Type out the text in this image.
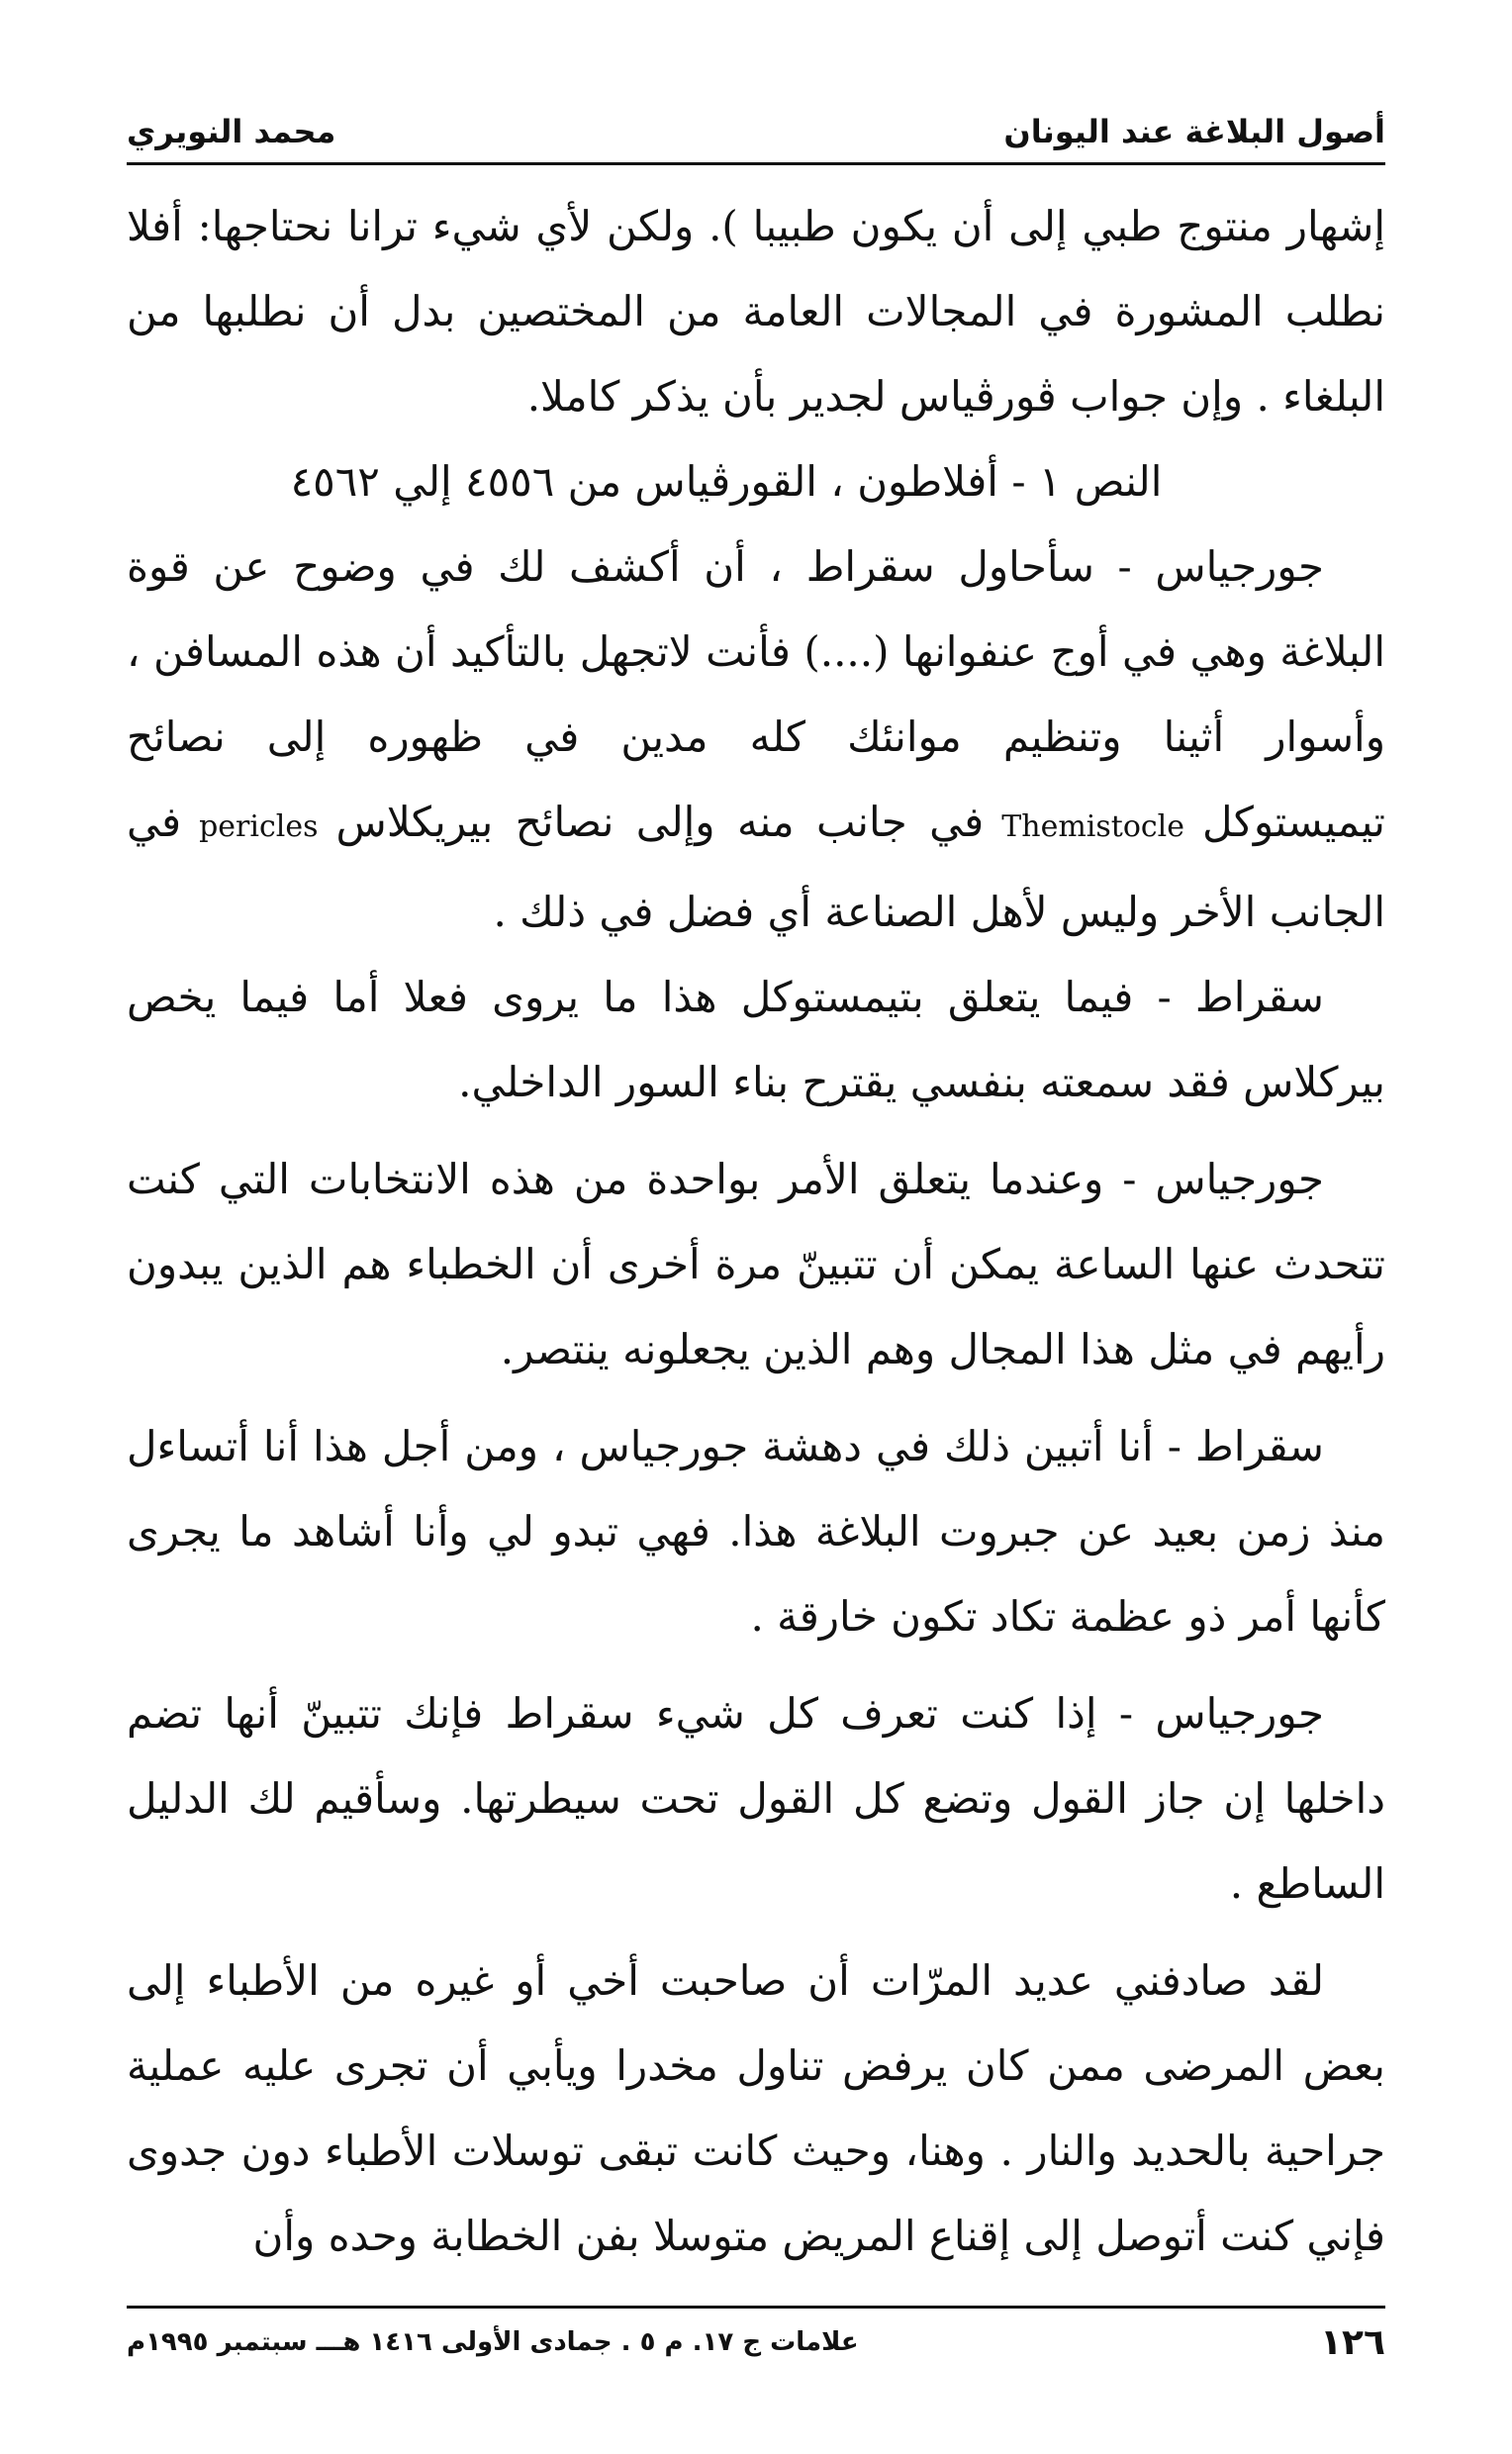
أصول البلاغة عند اليونان
محمد النويري

إشهار منتوج طبي إلى أن يكون طبيبا ). ولكن لأي شيء ترانا نحتاجها: أفلا نطلب المشورة في المجالات العامة من المختصين بدل أن نطلبها من البلغاء . وإن جواب ڤورڤياس لجدير بأن يذكر كاملا.

النص ١ - أفلاطون ، القورڤياس من ٤٥٥٦ إلي ٤٥٦٢

جورجياس - سأحاول سقراط ، أن أكشف لك في وضوح عن قوة البلاغة وهي في أوج عنفوانها (....) فأنت لاتجهل بالتأكيد أن هذه المسافن ، وأسوار أثينا وتنظيم موانئك كله مدين في ظهوره إلى نصائح تيميستوكلThemistocleفي جانب منه وإلى نصائح بيريكلاسpericlesفي الجانب الأخر وليس لأهل الصناعة أي فضل في ذلك .

سقراط - فيما يتعلق بتيمستوكل هذا ما يروى فعلا أما فيما يخص بيركلاس فقد سمعته بنفسي يقترح بناء السور الداخلي.

جورجياس - وعندما يتعلق الأمر بواحدة من هذه الانتخابات التي كنت تتحدث عنها الساعة يمكن أن تتبينّ مرة أخرى أن الخطباء هم الذين يبدون رأيهم في مثل هذا المجال وهم الذين يجعلونه ينتصر.

سقراط - أنا أتبين ذلك في دهشة جورجياس ، ومن أجل هذا أنا أتساءل منذ زمن بعيد عن جبروت البلاغة هذا. فهي تبدو لي وأنا أشاهد ما يجرى كأنها أمر ذو عظمة تكاد تكون خارقة .

جورجياس - إذا كنت تعرف كل شيء سقراط فإنك تتبينّ أنها تضم داخلها إن جاز القول وتضع كل القول تحت سيطرتها. وسأقيم لك الدليل الساطع .

لقد صادفني عديد المرّات أن صاحبت أخي أو غيره من الأطباء إلى بعض المرضى ممن كان يرفض تناول مخدرا ويأبي أن تجرى عليه عملية جراحية بالحديد والنار . وهنا، وحيث كانت تبقى توسلات الأطباء دون جدوى فإني كنت أتوصل إلى إقناع المريض متوسلا بفن الخطابة وحده وأن

١٢٦
علامات ج ١٧. م ٥ . جمادى الأولى ١٤١٦ هـــ سبتمبر ١٩٩٥م
